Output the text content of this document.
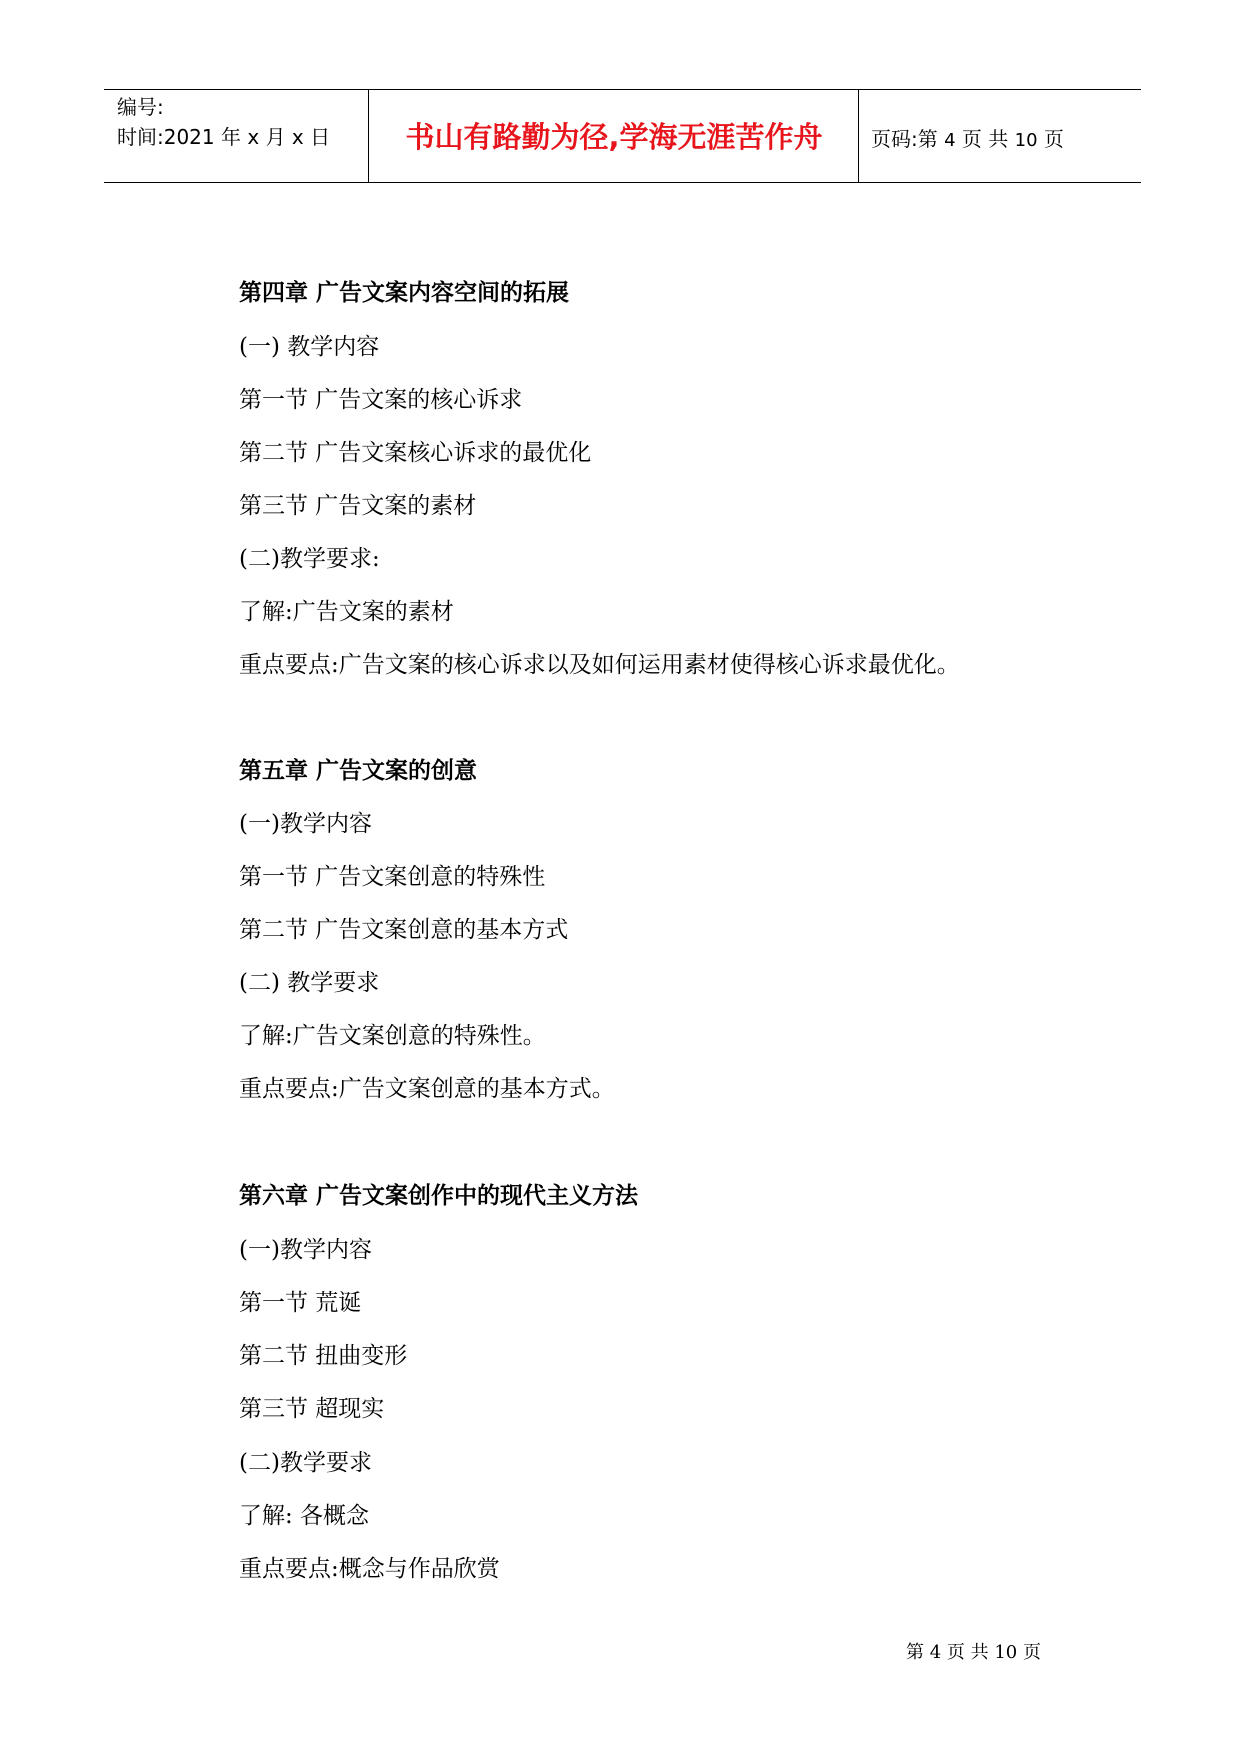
编号:
时间:2021 年 x 月 x 日	书山有路勤为径,学海无涯苦作舟	页码:第 4 页 共 10 页
第四章 广告文案内容空间的拓展
(一) 教学内容
第一节 广告文案的核心诉求
第二节 广告文案核心诉求的最优化
第三节 广告文案的素材
(二)教学要求:
了解:广告文案的素材
重点要点:广告文案的核心诉求以及如何运用素材使得核心诉求最优化。
第五章 广告文案的创意
(一)教学内容
第一节 广告文案创意的特殊性
第二节 广告文案创意的基本方式
(二) 教学要求
了解:广告文案创意的特殊性。
重点要点:广告文案创意的基本方式。
第六章 广告文案创作中的现代主义方法
(一)教学内容
第一节 荒诞
第二节 扭曲变形
第三节 超现实
(二)教学要求
了解: 各概念
重点要点:概念与作品欣赏
第 4 页 共 10 页
